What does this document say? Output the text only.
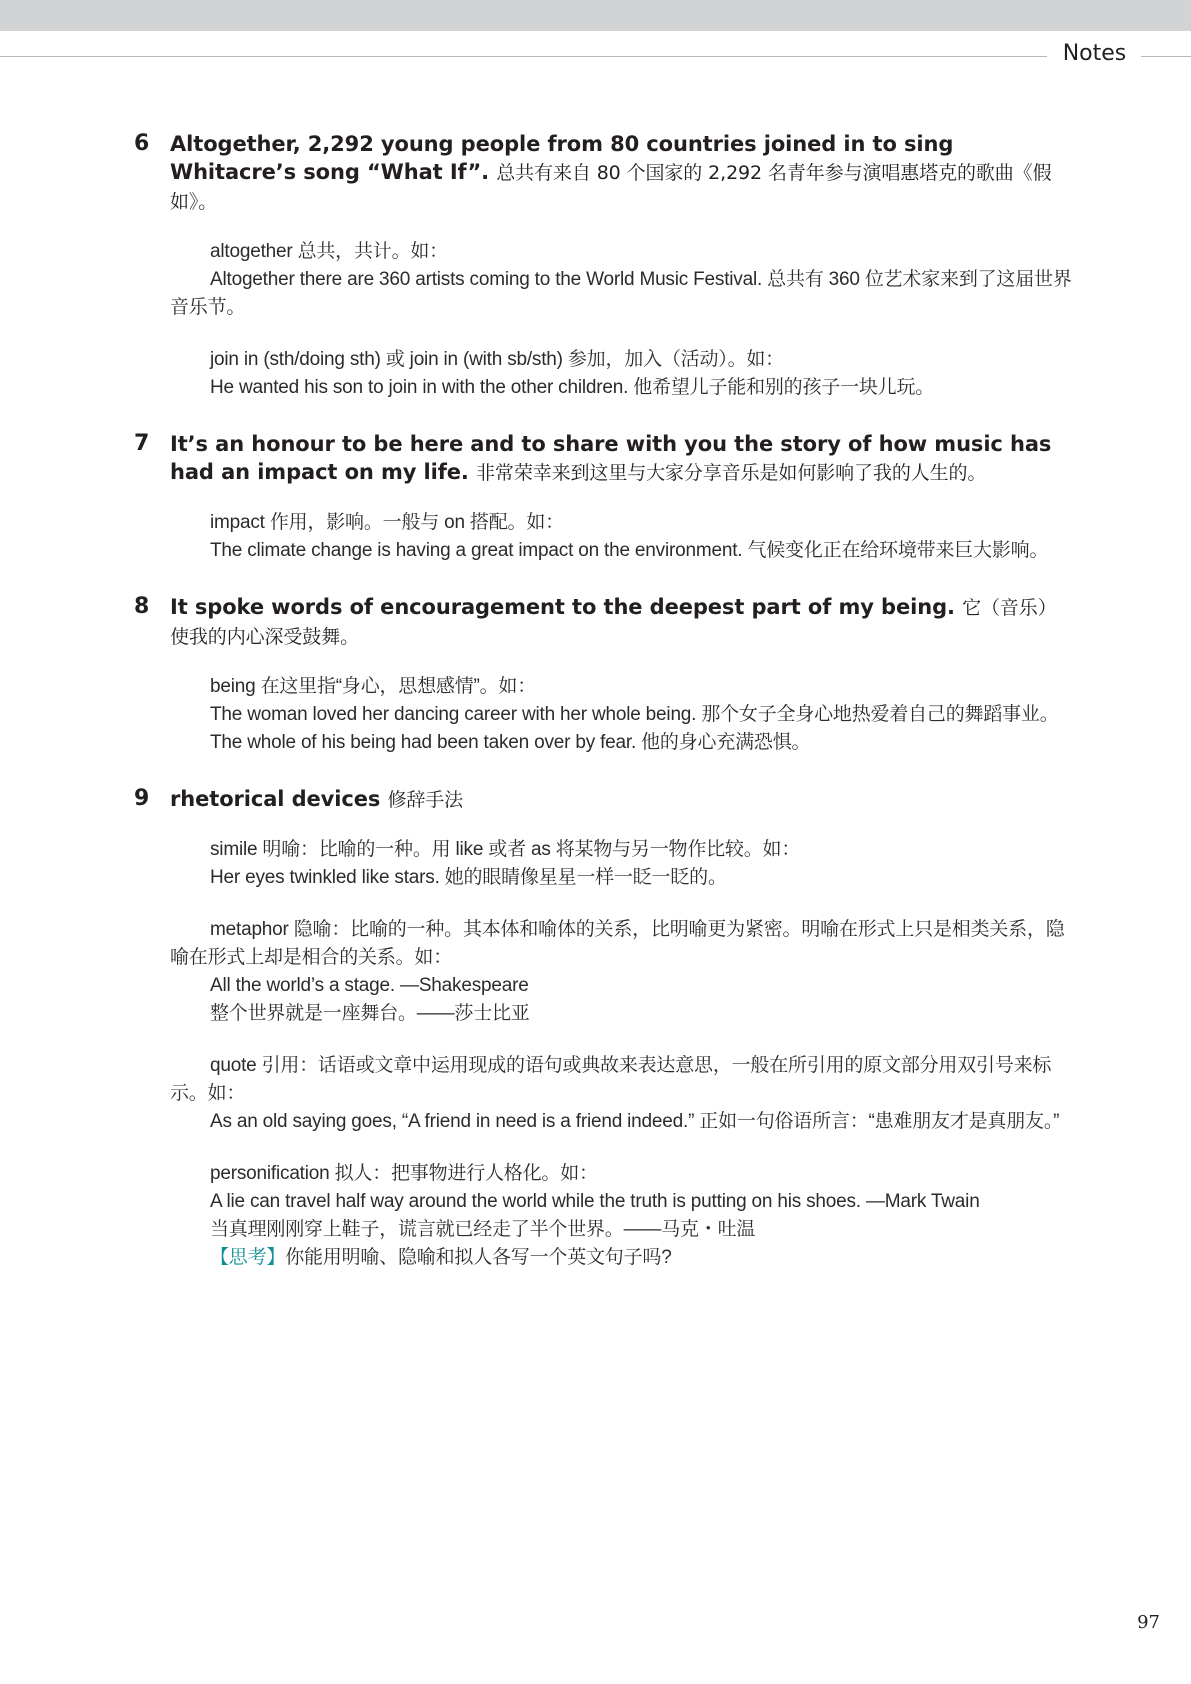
Notes
6 Altogether, 2,292 young people from 80 countries joined in to sing Whitacre’s song “What If”. 总共有来自 80 个国家的 2,292 名青年参与演唱惠塔克的歌曲《假如》。

altogether 总共，共计。如：

Altogether there are 360 artists coming to the World Music Festival. 总共有 360 位艺术家来到了这届世界音乐节。

join in (sth/doing sth) 或 join in (with sb/sth) 参加，加入（活动）。如：

He wanted his son to join in with the other children. 他希望儿子能和别的孩子一块儿玩。

7 It’s an honour to be here and to share with you the story of how music has had an impact on my life. 非常荣幸来到这里与大家分享音乐是如何影响了我的人生的。

impact 作用，影响。一般与 on 搭配。如：

The climate change is having a great impact on the environment. 气候变化正在给环境带来巨大影响。

8 It spoke words of encouragement to the deepest part of my being. 它（音乐）使我的内心深受鼓舞。

being 在这里指“身心，思想感情”。如：

The woman loved her dancing career with her whole being. 那个女子全身心地热爱着自己的舞蹈事业。

The whole of his being had been taken over by fear. 他的身心充满恐惧。

9 rhetorical devices 修辞手法

simile 明喻：比喻的一种。用 like 或者 as 将某物与另一物作比较。如：

Her eyes twinkled like stars. 她的眼睛像星星一样一眨一眨的。

metaphor 隐喻：比喻的一种。其本体和喻体的关系，比明喻更为紧密。明喻在形式上只是相类关系，隐喻在形式上却是相合的关系。如：

All the world’s a stage. —Shakespeare

整个世界就是一座舞台。——莎士比亚

quote 引用：话语或文章中运用现成的语句或典故来表达意思，一般在所引用的原文部分用双引号来标示。如：

As an old saying goes, “A friend in need is a friend indeed.” 正如一句俗语所言：“患难朋友才是真朋友。”

personification 拟人：把事物进行人格化。如：

A lie can travel half way around the world while the truth is putting on his shoes. —Mark Twain

当真理刚刚穿上鞋子，谎言就已经走了半个世界。——马克・吐温

【思考】你能用明喻、隐喻和拟人各写一个英文句子吗?

97
